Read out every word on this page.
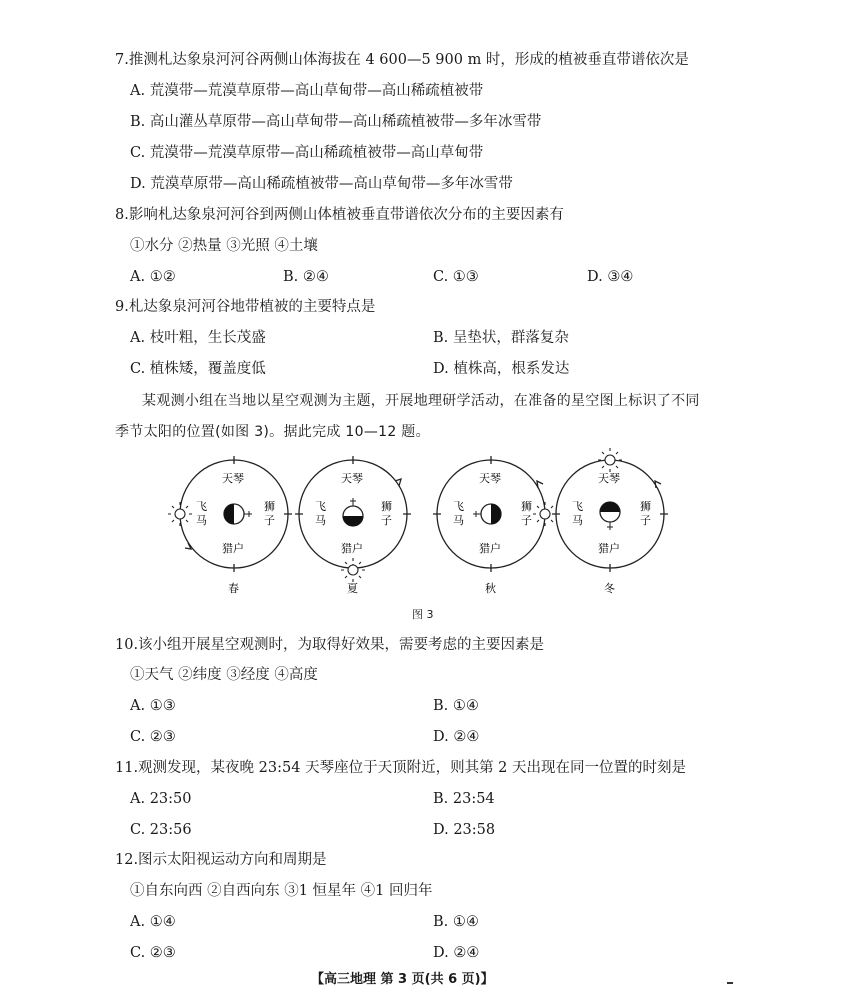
7.推测札达象泉河河谷两侧山体海拔在 4 600—5 900 m 时，形成的植被垂直带谱依次是
A. 荒漠带—荒漠草原带—高山草甸带—高山稀疏植被带
B. 高山灌丛草原带—高山草甸带—高山稀疏植被带—多年冰雪带
C. 荒漠带—荒漠草原带—高山稀疏植被带—高山草甸带
D. 荒漠草原带—高山稀疏植被带—高山草甸带—多年冰雪带
8.影响札达象泉河河谷到两侧山体植被垂直带谱依次分布的主要因素有
①水分 ②热量 ③光照 ④土壤
A. ①②	B. ②④	C. ①③	D. ③④
9.札达象泉河河谷地带植被的主要特点是
A. 枝叶粗，生长茂盛	B. 呈垫状，群落复杂
C. 植株矮，覆盖度低	D. 植株高，根系发达
某观测小组在当地以星空观测为主题，开展地理研学活动，在准备的星空图上标识了不同
季节太阳的位置(如图 3)。据此完成 10—12 题。
天琴
飞
马
狮
子
猎户
天琴
飞
马
狮
子
猎户
天琴
飞
马
狮
子
猎户
天琴
飞
马
狮
子
猎户
春	夏	秋	冬
图 3
10.该小组开展星空观测时，为取得好效果，需要考虑的主要因素是
①天气 ②纬度 ③经度 ④高度
A. ①③	B. ①④
C. ②③	D. ②④
11.观测发现，某夜晚 23:54 天琴座位于天顶附近，则其第 2 天出现在同一位置的时刻是
A. 23:50	B. 23:54
C. 23:56	D. 23:58
12.图示太阳视运动方向和周期是
①自东向西 ②自西向东 ③1 恒星年 ④1 回归年
A. ①④	B. ①④
C. ②③	D. ②④
【高三地理 第 3 页(共 6 页)】
